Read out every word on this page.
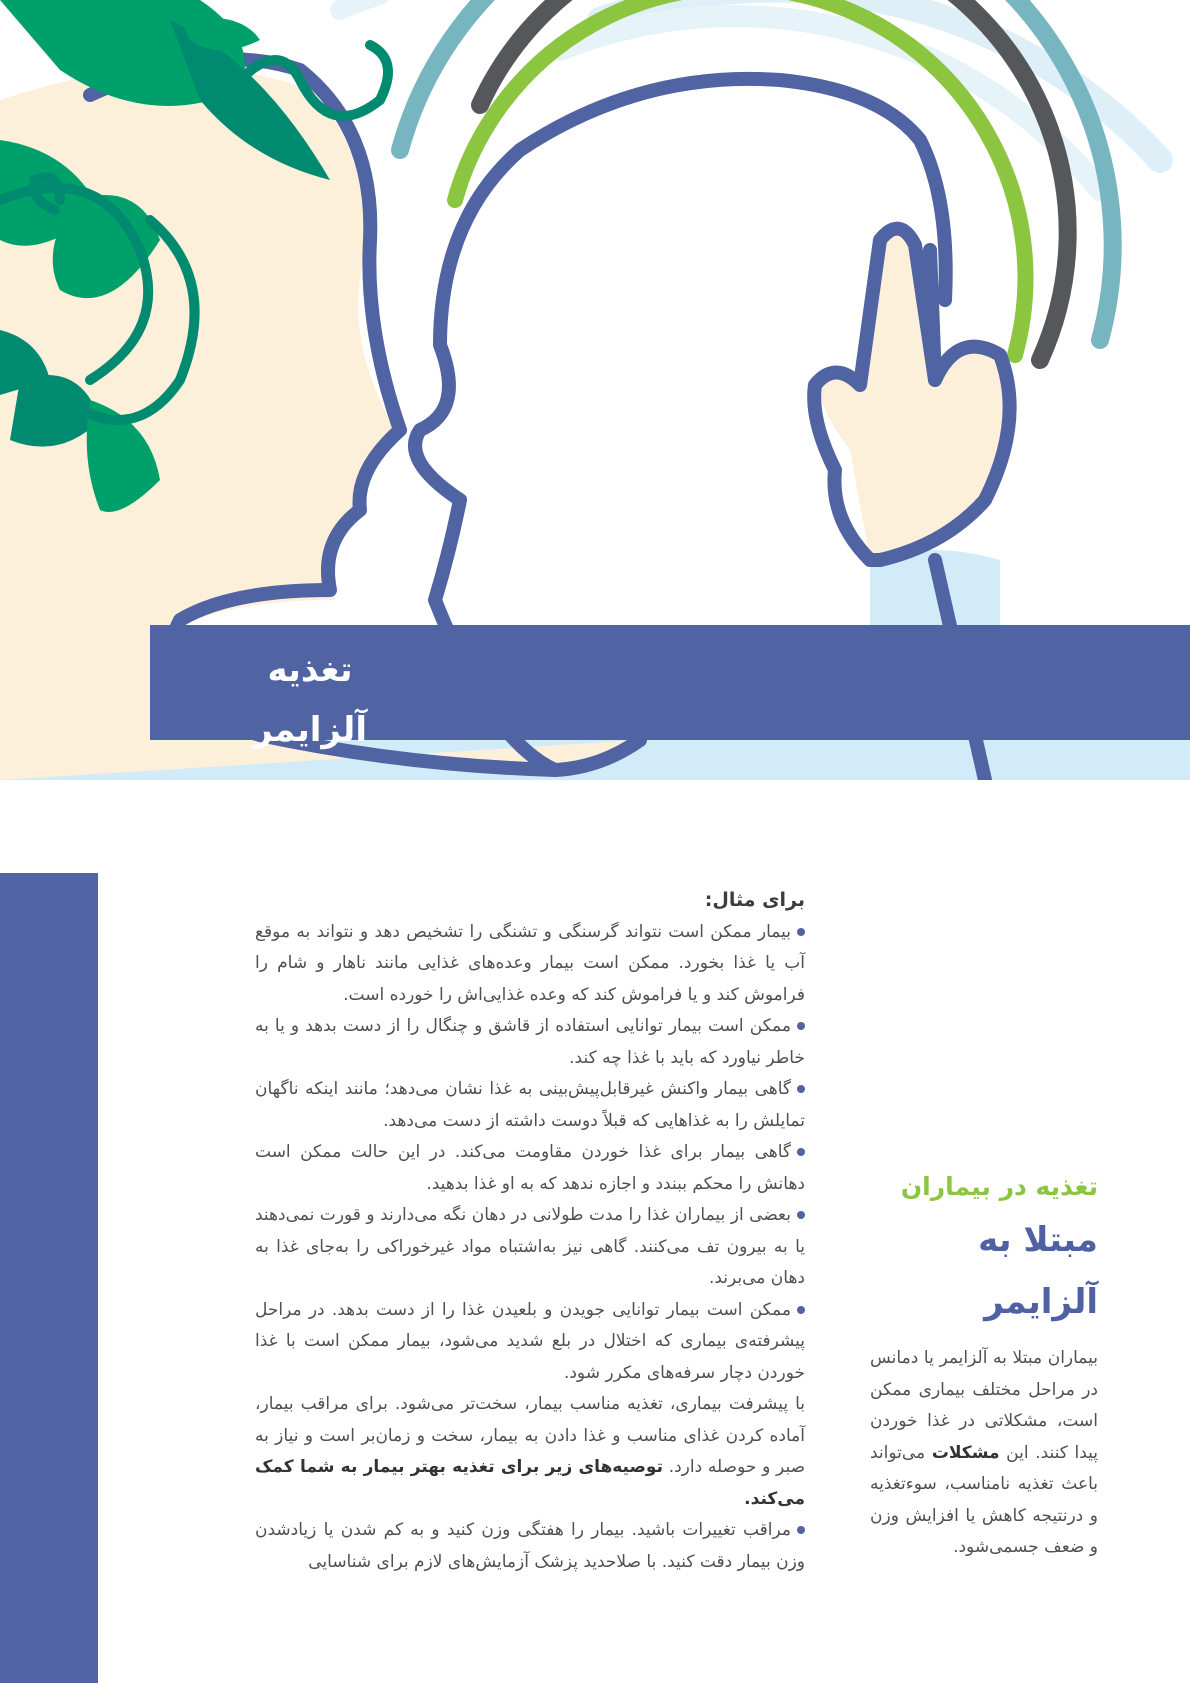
تغذیه آلزایمر

برای مثال:

بیمار ممکن است نتواند گرسنگی و تشنگی را تشخیص دهد و نتواند به موقع آب یا غذا بخورد. ممکن است بیمار وعده‌های غذایی مانند ناهار و شام را فراموش کند و یا فراموش کند که وعده غذایی‌اش را خورده است.

ممکن است بیمار توانایی استفاده از قاشق و چنگال را از دست بدهد و یا به خاطر نیاورد که باید با غذا چه کند.

گاهی بیمار واکنش غیرقابل‌پیش‌بینی به غذا نشان می‌دهد؛ مانند اینکه ناگهان تمایلش را به غذاهایی که قبلاً دوست داشته از دست می‌دهد.

گاهی بیمار برای غذا خوردن مقاومت می‌کند. در این حالت ممکن است دهانش را محکم ببندد و اجازه ندهد که به او غذا بدهید.

بعضی از بیماران غذا را مدت طولانی در دهان نگه می‌دارند و قورت نمی‌دهند یا به بیرون تف می‌کنند. گاهی نیز به‌اشتباه مواد غیرخوراکی را به‌جای غذا به دهان می‌برند.

ممکن است بیمار توانایی جویدن و بلعیدن غذا را از دست بدهد. در مراحل پیشرفته‌ی بیماری که اختلال در بلع شدید می‌شود، بیمار ممکن است با غذا خوردن دچار سرفه‌های مکرر شود.

با پیشرفت بیماری، تغذیه مناسب بیمار، سخت‌تر می‌شود. برای مراقب بیمار، آماده کردن غذای مناسب و غذا دادن به بیمار، سخت و زمان‌بر است و نیاز به صبر و حوصله دارد. توصیه‌های زیر برای تغذیه بهتر بیمار به شما کمک می‌کند.

مراقب تغییرات باشید. بیمار را هفتگی وزن کنید و به کم شدن یا زیادشدن وزن بیمار دقت کنید. با صلاحدید پزشک آزمایش‌های لازم برای شناسایی

تغذیه در بیماران
مبتلا به آلزایمر
بیماران مبتلا به آلزایمر یا دمانس در مراحل مختلف بیماری ممکن است، مشکلاتی در غذا خوردن پیدا کنند. این مشکلات می‌تواند باعث تغذیه نامناسب، سوءتغذیه و درنتیجه کاهش یا افزایش وزن و ضعف جسمی‌شود.
